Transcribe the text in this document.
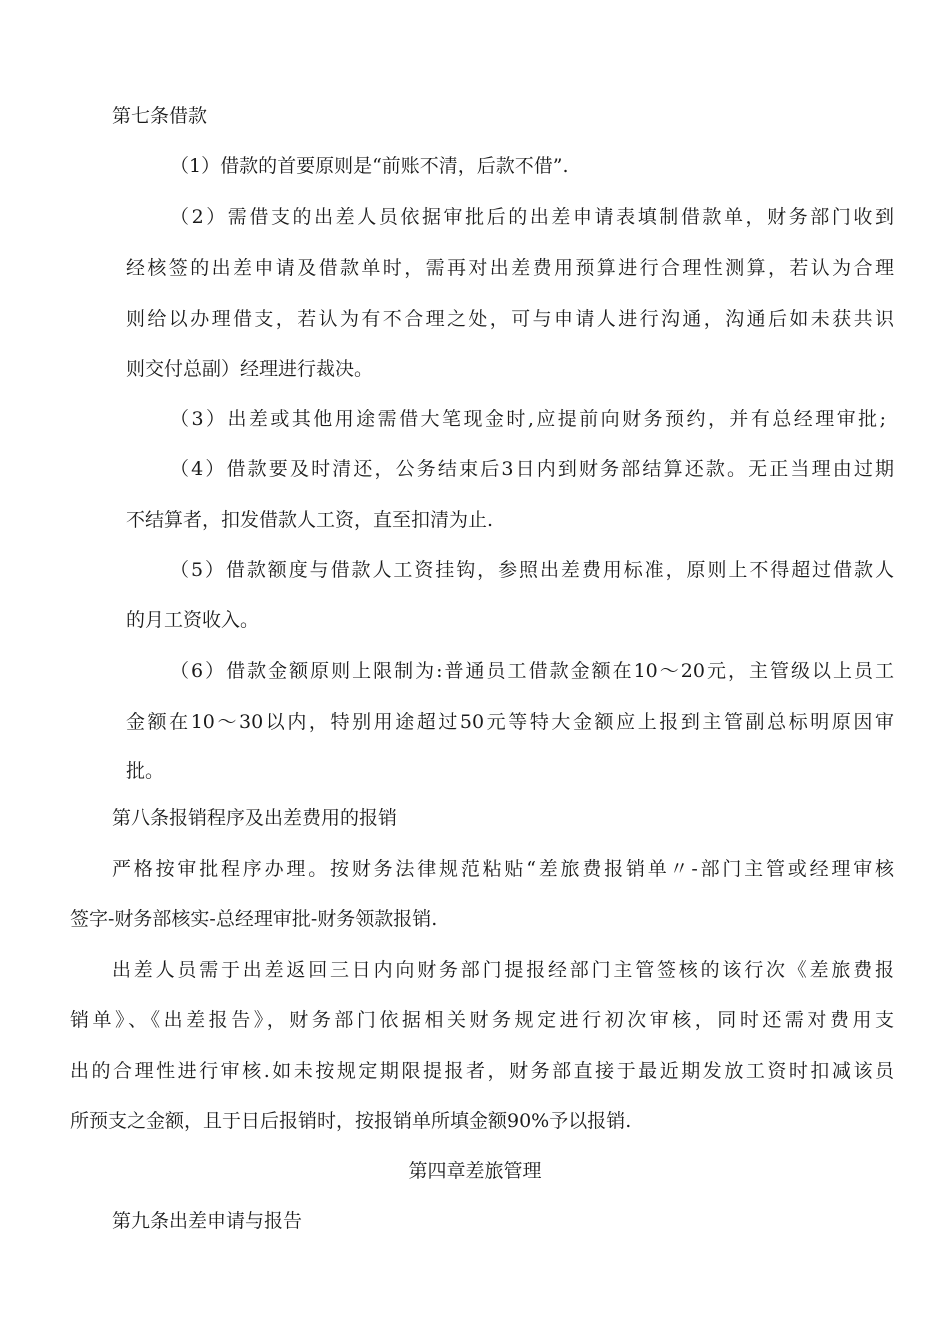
第七条借款
（1）借款的首要原则是“前账不清，后款不借”.
（2）需借支的出差人员依据审批后的出差申请表填制借款单，财务部门收到
经核签的出差申请及借款单时，需再对出差费用预算进行合理性测算，若认为合理
则给以办理借支，若认为有不合理之处，可与申请人进行沟通，沟通后如未获共识
则交付总副）经理进行裁决。
（3）出差或其他用途需借大笔现金时,应提前向财务预约，并有总经理审批;
（4）借款要及时清还，公务结束后3日内到财务部结算还款。无正当理由过期
不结算者，扣发借款人工资，直至扣清为止.
（5）借款额度与借款人工资挂钩，参照出差费用标准，原则上不得超过借款人
的月工资收入。
（6）借款金额原则上限制为:普通员工借款金额在10〜20元，主管级以上员工
金额在10〜30以内，特别用途超过50元等特大金额应上报到主管副总标明原因审
批。
第八条报销程序及出差费用的报销
严格按审批程序办理。按财务法律规范粘贴“差旅费报销单〃-部门主管或经理审核
签字-财务部核实-总经理审批-财务领款报销.
出差人员需于出差返回三日内向财务部门提报经部门主管签核的该行次《差旅费报
销单》、《出差报告》，财务部门依据相关财务规定进行初次审核，同时还需对费用支
出的合理性进行审核.如未按规定期限提报者，财务部直接于最近期发放工资时扣减该员
所预支之金额，且于日后报销时，按报销单所填金额90%予以报销.
第四章差旅管理
第九条出差申请与报告
